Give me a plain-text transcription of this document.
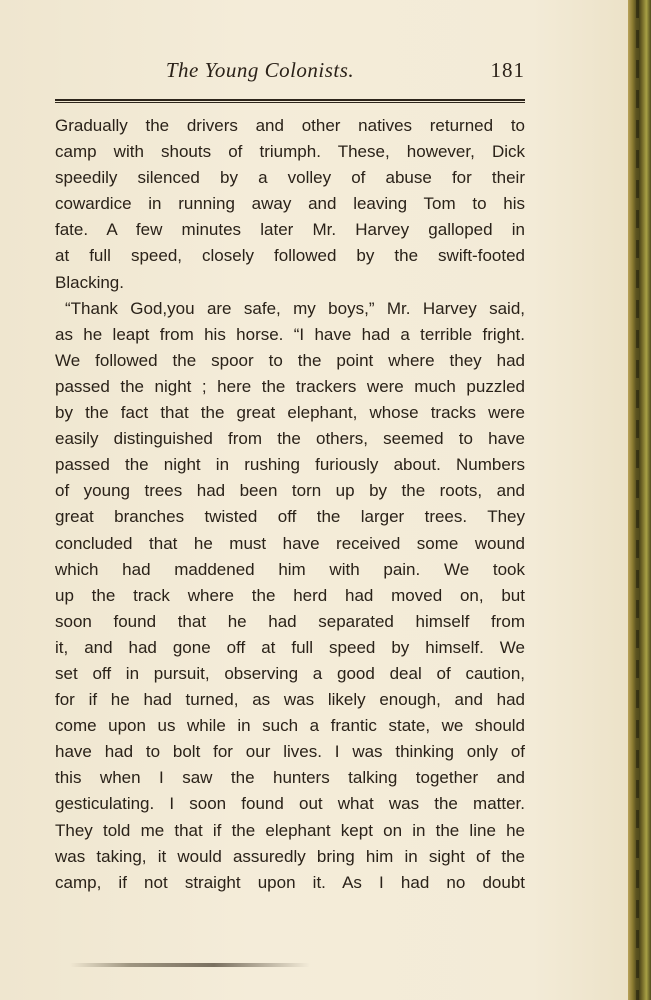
The Young Colonists.	181
Gradually the drivers and other natives returned to
camp with shouts of triumph. These, however, Dick
speedily silenced by a volley of abuse for their
cowardice in running away and leaving Tom to his
fate. A few minutes later Mr. Harvey galloped in
at full speed, closely followed by the swift-footed
Blacking.
“Thank God,you are safe, my boys,” Mr. Harvey said,
as he leapt from his horse. “I have had a terrible fright.
We followed the spoor to the point where they had
passed the night ; here the trackers were much puzzled
by the fact that the great elephant, whose tracks were
easily distinguished from the others, seemed to have
passed the night in rushing furiously about. Numbers
of young trees had been torn up by the roots, and
great branches twisted off the larger trees. They
concluded that he must have received some wound
which had maddened him with pain. We took
up the track where the herd had moved on, but
soon found that he had separated himself from
it, and had gone off at full speed by himself. We
set off in pursuit, observing a good deal of caution,
for if he had turned, as was likely enough, and had
come upon us while in such a frantic state, we should
have had to bolt for our lives. I was thinking only of
this when I saw the hunters talking together and
gesticulating. I soon found out what was the matter.
They told me that if the elephant kept on in the line he
was taking, it would assuredly bring him in sight of the
camp, if not straight upon it. As I had no doubt
